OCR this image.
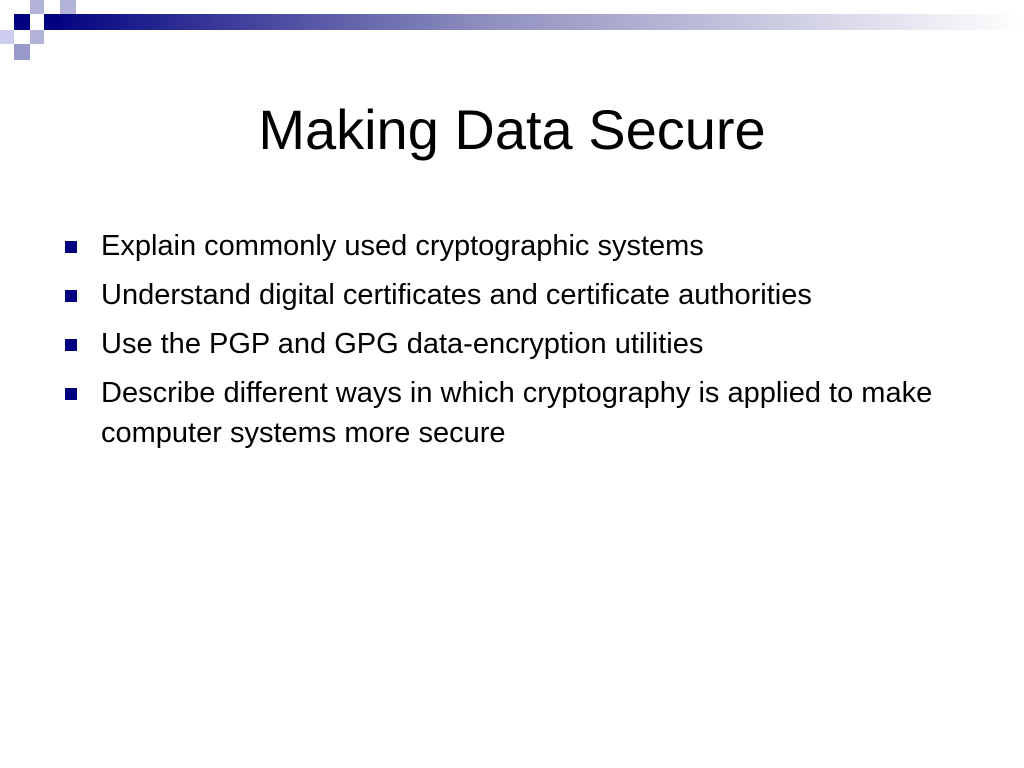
Making Data Secure
Explain commonly used cryptographic systems
Understand digital certificates and certificate authorities
Use the PGP and GPG data-encryption utilities
Describe different ways in which cryptography is applied to make computer systems more secure
